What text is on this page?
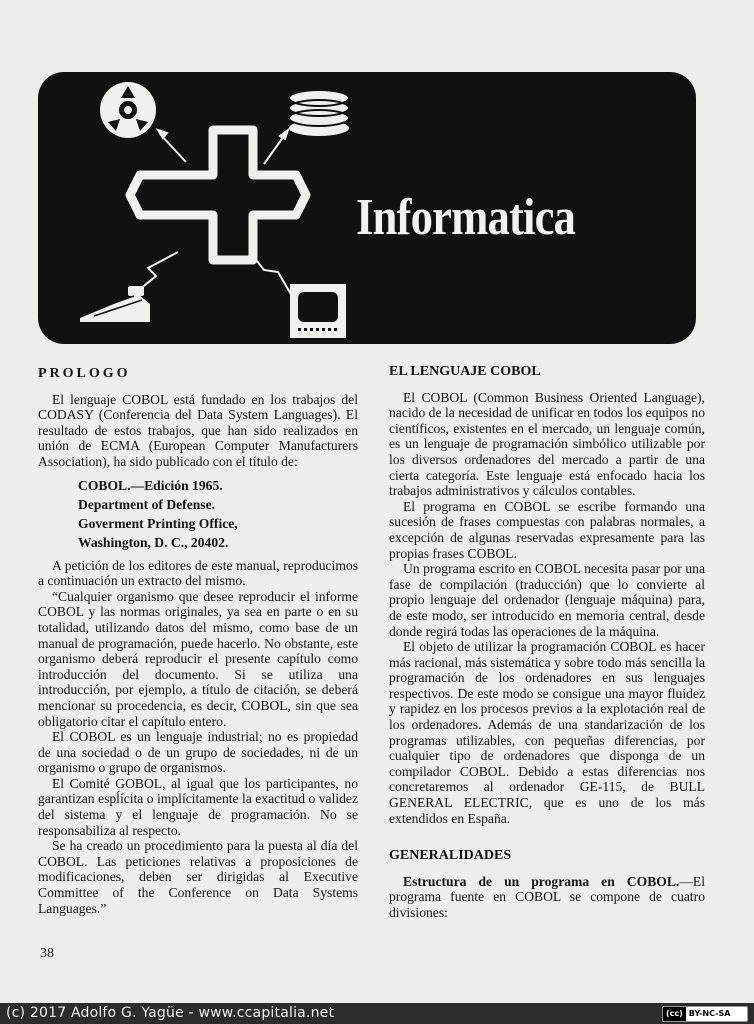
Informatica
PROLOGO

El lenguaje COBOL está fundado en los trabajos del CODASY (Conferencia del Data System Languages). El resultado de estos trabajos, que han sido realizados en unión de ECMA (European Computer Manufacturers Association), ha sido publicado con el título de:

COBOL.—Edición 1965.
Department of Defense.
Goverment Printing Office,
Washington, D. C., 20402.

A petición de los editores de este manual, reproducimos a continuación un extracto del mismo.

“Cualquier organismo que desee reproducir el informe COBOL y las normas originales, ya sea en parte o en su totalidad, utilizando datos del mismo, como base de un manual de programación, puede hacerlo. No obstante, este organismo deberá reproducir el presente capítulo como introducción del documento. Si se utiliza una introducción, por ejemplo, a título de citación, se deberá mencionar su procedencia, es decir, COBOL, sin que sea obligatorio citar el capítulo entero.

El COBOL es un lenguaje industrial; no es propiedad de una sociedad o de un grupo de sociedades, ni de un organismo o grupo de organismos.

El Comité GOBOL, al igual que los participantes, no garantizan espĺícita o implícitamente la exactitud o validez del sistema y el lenguaje de programación. No se responsabiliza al respecto.

Se ha creado un procedimiento para la puesta al día del COBOL. Las peticiones relativas a proposiciones de modificaciones, deben ser dirigidas al Executive Committee of the Conference on Data Systems Languages.”

EL LENGUAJE COBOL

El COBOL (Common Business Oriented Language), nacido de la necesidad de unificar en todos los equipos no científicos, existentes en el mercado, un lenguaje común, es un lenguaje de programación simbólico utilizable por los diversos ordenadores del mercado a partir de una cierta categoría. Este lenguaje está enfocado hacia los trabajos administrativos y cálculos contables.

El programa en COBOL se escribe formando una sucesión de frases compuestas con palabras normales, a excepción de algunas reservadas expresamente para las propias frases COBOL.

Un programa escrito en COBOL necesita pasar por una fase de compilación (traducción) que lo convierte al propio lenguaje del ordenador (lenguaje máquina) para, de este modo, ser introducido en memoria central, desde donde regirá todas las operaciones de la máquina.

El objeto de utilizar la programación COBOL es hacer más racional, más sistemática y sobre todo más sencilla la programación de los ordenadores en sus lenguajes respectivos. De este modo se consigue una mayor fluidez y rapidez en los procesos previos a la explotación real de los ordenadores. Además de una standarización de los programas utilizables, con pequeñas diferencias, por cualquier tipo de ordenadores que disponga de un compilador COBOL. Debido a estas diferencias nos concretaremos al ordenador GE-115, de BULL GENERAL ELECTRIC, que es uno de los más extendidos en España.

GENERALIDADES

Estructura de un programa en COBOL.—El programa fuente en COBOL se compone de cuatro divisiones:

38
(c) 2017 Adolfo G. Yagüe - www.ccapitalia.net	(cc) BY-NC-SA
